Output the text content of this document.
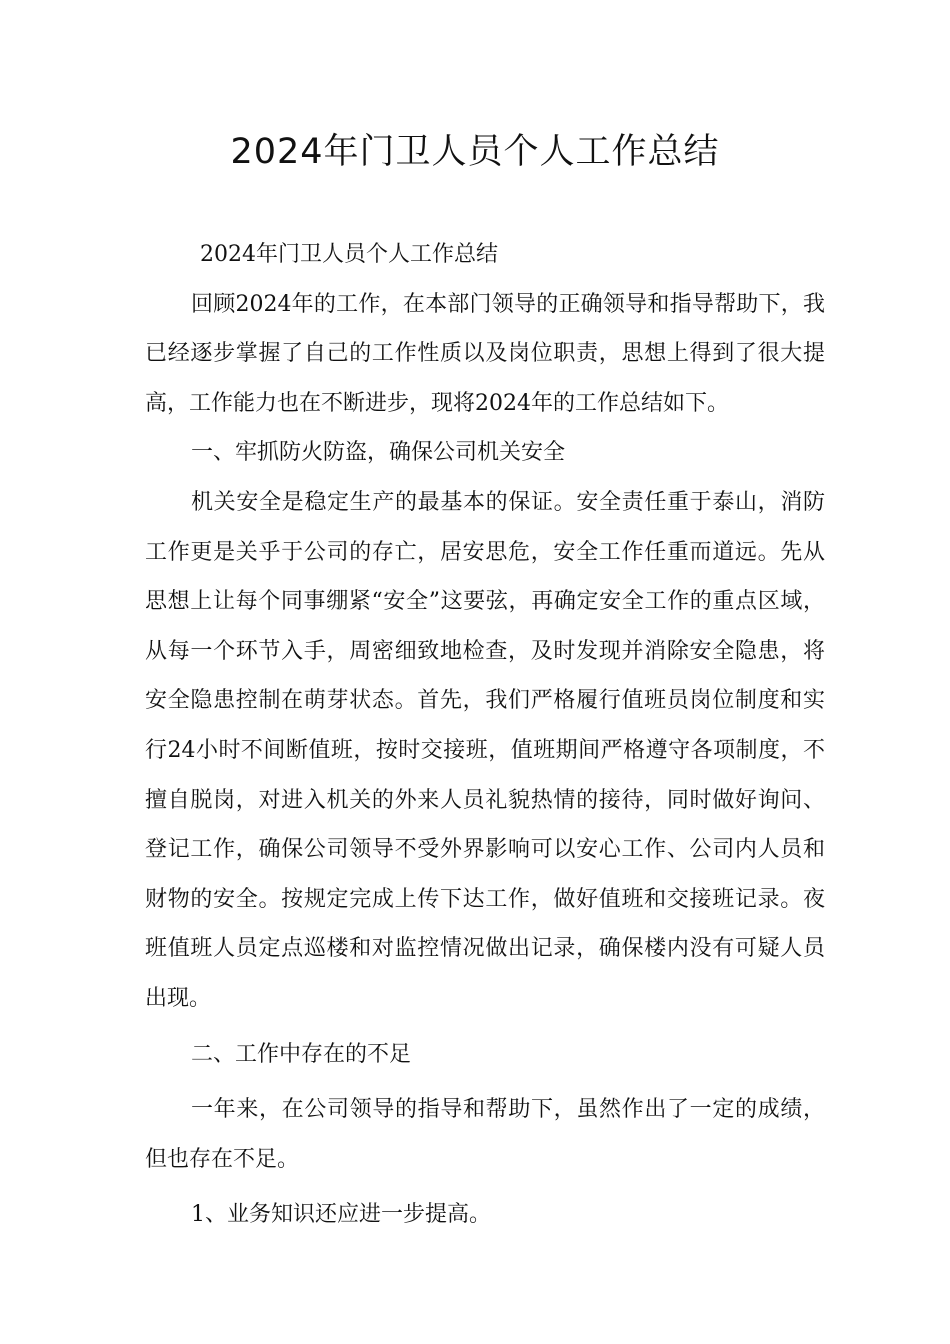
2024年门卫人员个人工作总结

2024年门卫人员个人工作总结

回顾2024年的工作，在本部门领导的正确领导和指导帮助下，我已经逐步掌握了自己的工作性质以及岗位职责，思想上得到了很大提高，工作能力也在不断进步，现将2024年的工作总结如下。

一、牢抓防火防盗，确保公司机关安全

机关安全是稳定生产的最基本的保证。安全责任重于泰山，消防工作更是关乎于公司的存亡，居安思危，安全工作任重而道远。先从思想上让每个同事绷紧“安全”这要弦，再确定安全工作的重点区域，从每一个环节入手，周密细致地检查，及时发现并消除安全隐患，将安全隐患控制在萌芽状态。首先，我们严格履行值班员岗位制度和实行24小时不间断值班，按时交接班，值班期间严格遵守各项制度，不擅自脱岗，对进入机关的外来人员礼貌热情的接待，同时做好询问、登记工作，确保公司领导不受外界影响可以安心工作、公司内人员和财物的安全。按规定完成上传下达工作，做好值班和交接班记录。夜班值班人员定点巡楼和对监控情况做出记录，确保楼内没有可疑人员出现。

二、工作中存在的不足

一年来，在公司领导的指导和帮助下，虽然作出了一定的成绩，但也存在不足。

1、业务知识还应进一步提高。
